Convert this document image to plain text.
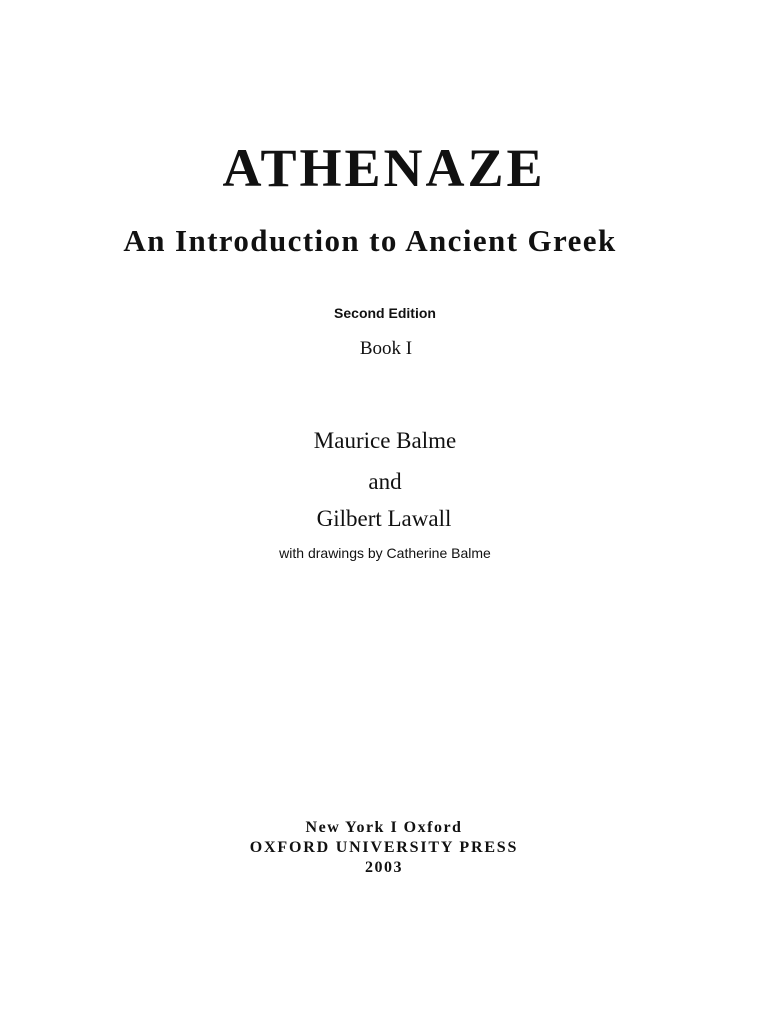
ATHENAZE
An Introduction to Ancient Greek
Second Edition
Book I
Maurice Balme
and
Gilbert Lawall
with drawings by Catherine Balme
New York I Oxford
OXFORD UNIVERSITY PRESS
2003
